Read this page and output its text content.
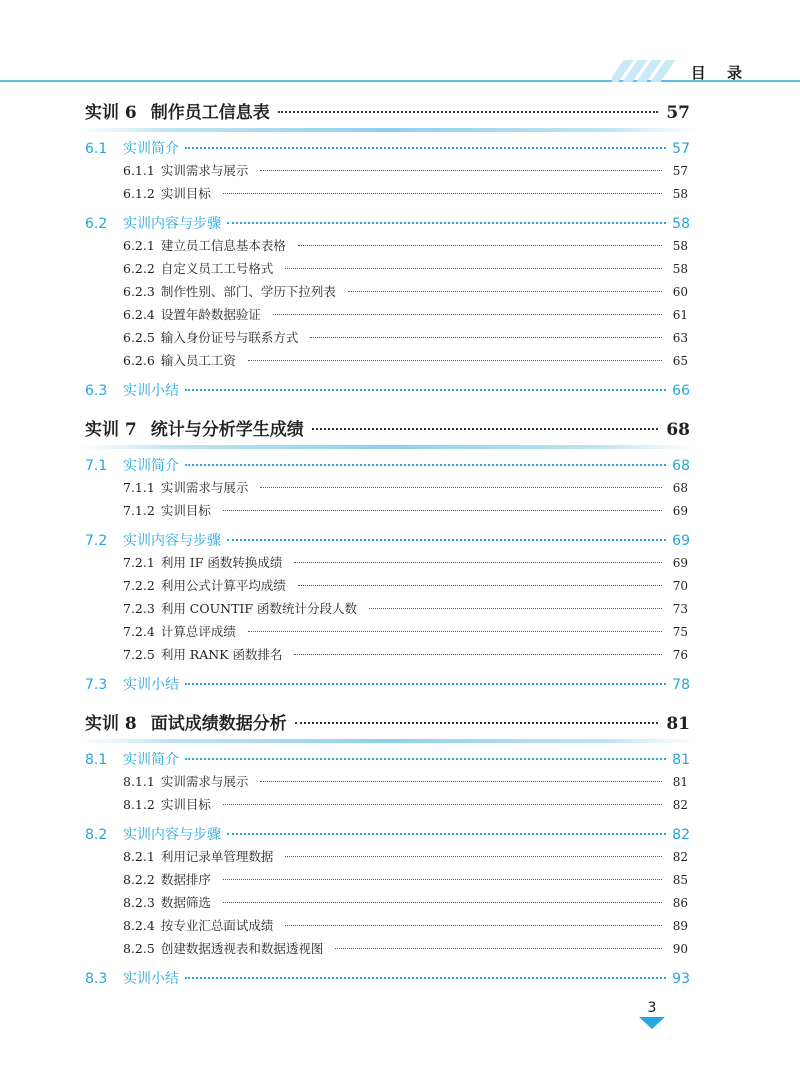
目 录
实训 6 制作员工信息表	57
6.1	实训简介	57
6.1.1 实训需求与展示	57
6.1.2 实训目标	58
6.2	实训内容与步骤	58
6.2.1 建立员工信息基本表格	58
6.2.2 自定义员工工号格式	58
6.2.3 制作性别、部门、学历下拉列表	60
6.2.4 设置年龄数据验证	61
6.2.5 输入身份证号与联系方式	63
6.2.6 输入员工工资	65
6.3	实训小结	66
实训 7 统计与分析学生成绩	68
7.1	实训简介	68
7.1.1 实训需求与展示	68
7.1.2 实训目标	69
7.2	实训内容与步骤	69
7.2.1 利用 IF 函数转换成绩	69
7.2.2 利用公式计算平均成绩	70
7.2.3 利用 COUNTIF 函数统计分段人数	73
7.2.4 计算总评成绩	75
7.2.5 利用 RANK 函数排名	76
7.3	实训小结	78
实训 8 面试成绩数据分析	81
8.1	实训简介	81
8.1.1 实训需求与展示	81
8.1.2 实训目标	82
8.2	实训内容与步骤	82
8.2.1 利用记录单管理数据	82
8.2.2 数据排序	85
8.2.3 数据筛选	86
8.2.4 按专业汇总面试成绩	89
8.2.5 创建数据透视表和数据透视图	90
8.3	实训小结	93
3
